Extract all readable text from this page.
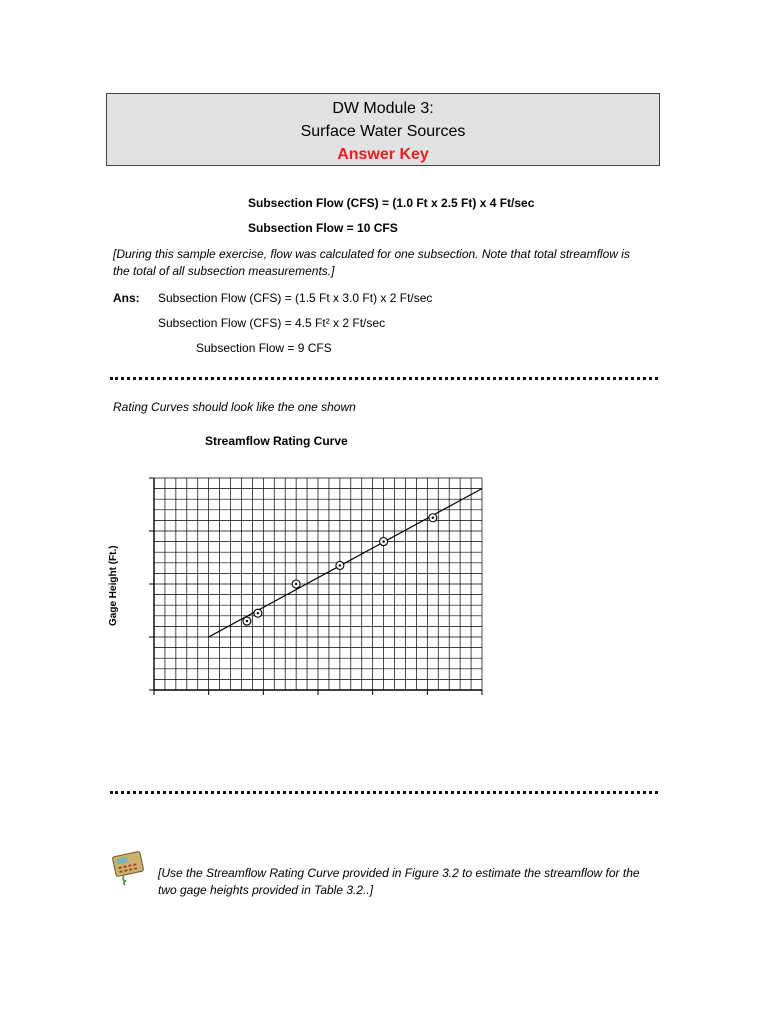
DW Module 3:
Surface Water Sources
Answer Key
Subsection Flow (CFS) = (1.0 Ft x 2.5 Ft) x 4 Ft/sec
Subsection Flow = 10 CFS
[During this sample exercise, flow was calculated for one subsection. Note that total streamflow is
the total of all subsection measurements.]
Ans: Subsection Flow (CFS) = (1.5 Ft x 3.0 Ft) x 2 Ft/sec
Subsection Flow (CFS) = 4.5 Ft² x 2 Ft/sec
Subsection Flow = 9 CFS
Rating Curves should look like the one shown
Streamflow Rating Curve
Gage Height (Ft.)
[Use the Streamflow Rating Curve provided in Figure 3.2 to estimate the streamflow for the
two gage heights provided in Table 3.2..]
